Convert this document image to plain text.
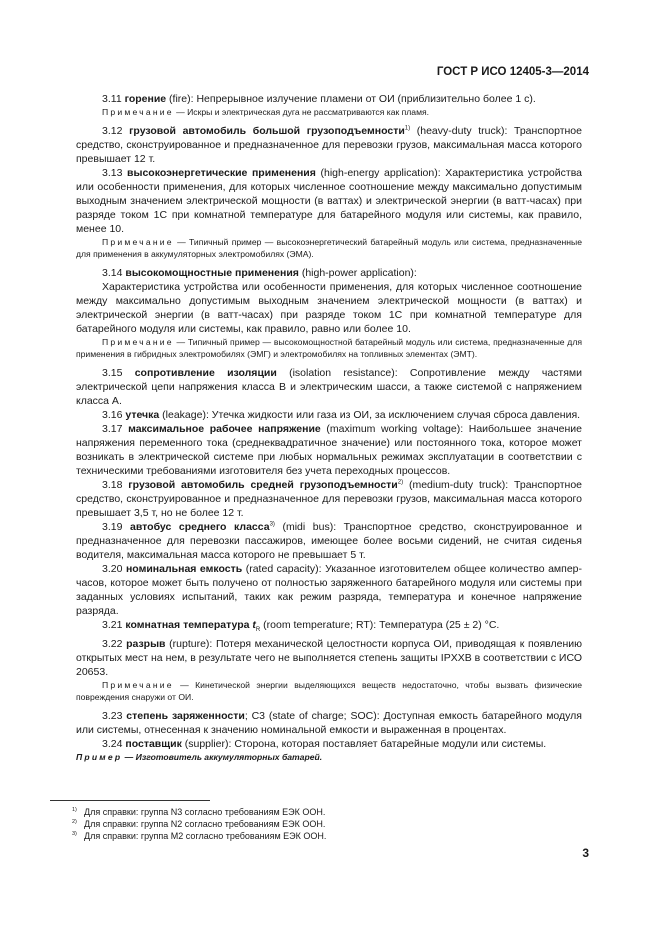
ГОСТ Р ИСО 12405-3—2014

3.11 горение (fire): Непрерывное излучение пламени от ОИ (приблизительно более 1 с).

Примечание — Искры и электрическая дуга не рассматриваются как пламя.

3.12 грузовой автомобиль большой грузоподъемности$^{1)}$ (heavy-duty truck): Транспортное средство, сконструированное и предназначенное для перевозки грузов, максимальная масса которого превышает 12 т.

3.13 высокоэнергетические применения (high-energy application): Характеристика устройства или особенности применения, для которых численное соотношение между максимально допустимым выходным значением электрической мощности (в ваттах) и электрической энергии (в ватт-часах) при разряде током 1С при комнатной температуре для батарейного модуля или системы, как правило, менее 10.

Примечание — Типичный пример — высокоэнергетический батарейный модуль или система, предназначенные для применения в аккумуляторных электромобилях (ЭМА).

3.14 высокомощностные применения (high-power application):

Характеристика устройства или особенности применения, для которых численное соотношение между максимально допустимым выходным значением электрической мощности (в ваттах) и электрической энергии (в ватт-часах) при разряде током 1С при комнатной температуре для батарейного модуля или системы, как правило, равно или более 10.

Примечание — Типичный пример — высокомощностной батарейный модуль или система, предназначенные для применения в гибридных электромобилях (ЭМГ) и электромобилях на топливных элементах (ЭМТ).

3.15 сопротивление изоляции (isolation resistance): Сопротивление между частями электрической цепи напряжения класса В и электрическим шасси, а также системой с напряжением класса А.

3.16 утечка (leakage): Утечка жидкости или газа из ОИ, за исключением случая сброса давления.

3.17 максимальное рабочее напряжение (maximum working voltage): Наибольшее значение напряжения переменного тока (среднеквадратичное значение) или постоянного тока, которое может возникать в электрической системе при любых нормальных режимах эксплуатации в соответствии с техническими требованиями изготовителя без учета переходных процессов.

3.18 грузовой автомобиль средней грузоподъемности$^{2)}$ (medium-duty truck): Транспортное средство, сконструированное и предназначенное для перевозки грузов, максимальная масса которого превышает 3,5 т, но не более 12 т.

3.19 автобус среднего класса$^{3)}$ (midi bus): Транспортное средство, сконструированное и предназначенное для перевозки пассажиров, имеющее более восьми сидений, не считая сиденья водителя, максимальная масса которого не превышает 5 т.

3.20 номинальная емкость (rated capacity): Указанное изготовителем общее количество ампер-часов, которое может быть получено от полностью заряженного батарейного модуля или системы при заданных условиях испытаний, таких как режим разряда, температура и конечное напряжение разряда.

3.21 комнатная температура $t_R$ (room temperature; RT): Температура (25 ± 2) °С.

3.22 разрыв (rupture): Потеря механической целостности корпуса ОИ, приводящая к появлению открытых мест на нем, в результате чего не выполняется степень защиты IPXXB в соответствии с ИСО 20653.

Примечание — Кинетической энергии выделяющихся веществ недостаточно, чтобы вызвать физические повреждения снаружи от ОИ.

3.23 степень заряженности; С3 (state of charge; SOC): Доступная емкость батарейного модуля или системы, отнесенная к значению номинальной емкости и выраженная в процентах.

3.24 поставщик (supplier): Сторона, которая поставляет батарейные модули или системы.

Пример — Изготовитель аккумуляторных батарей.

1) Для справки: группа N3 согласно требованиям ЕЭК ООН.
2) Для справки: группа N2 согласно требованиям ЕЭК ООН.
3) Для справки: группа M2 согласно требованиям ЕЭК ООН.
3
